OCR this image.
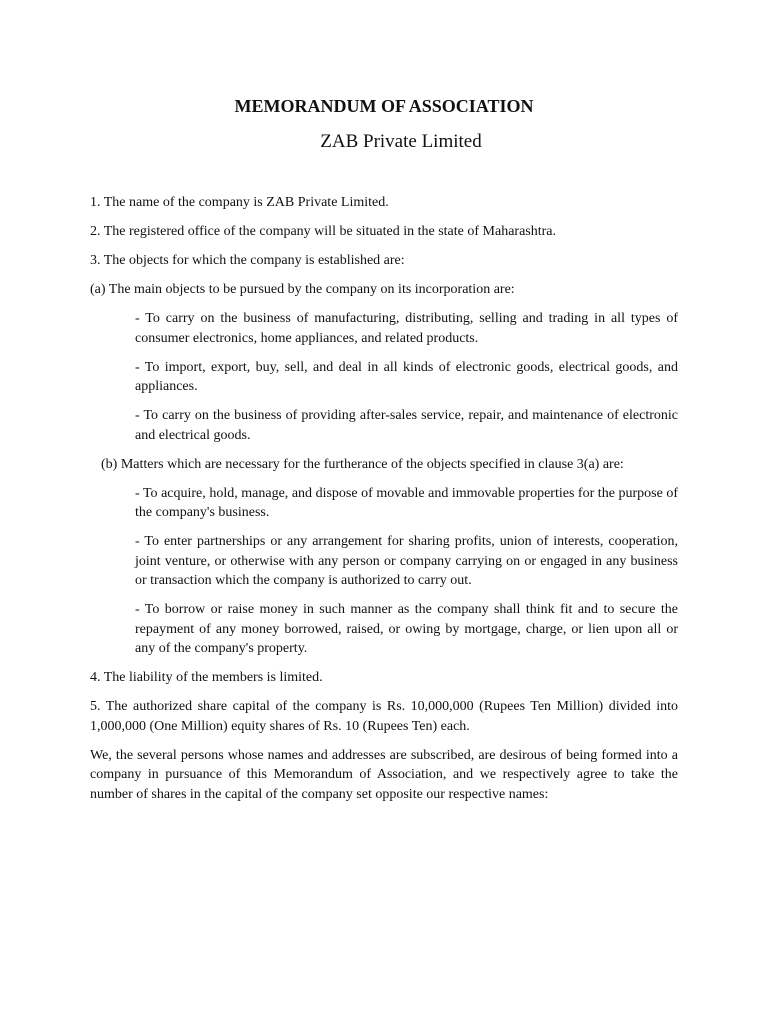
MEMORANDUM OF ASSOCIATION
ZAB Private Limited

1. The name of the company is ZAB Private Limited.

2. The registered office of the company will be situated in the state of Maharashtra.

3. The objects for which the company is established are:

(a) The main objects to be pursued by the company on its incorporation are:

- To carry on the business of manufacturing, distributing, selling and trading in all types of consumer electronics, home appliances, and related products.

- To import, export, buy, sell, and deal in all kinds of electronic goods, electrical goods, and appliances.

- To carry on the business of providing after-sales service, repair, and maintenance of electronic and electrical goods.

(b) Matters which are necessary for the furtherance of the objects specified in clause 3(a) are:

- To acquire, hold, manage, and dispose of movable and immovable properties for the purpose of the company's business.

- To enter partnerships or any arrangement for sharing profits, union of interests, cooperation, joint venture, or otherwise with any person or company carrying on or engaged in any business or transaction which the company is authorized to carry out.

- To borrow or raise money in such manner as the company shall think fit and to secure the repayment of any money borrowed, raised, or owing by mortgage, charge, or lien upon all or any of the company's property.

4. The liability of the members is limited.

5. The authorized share capital of the company is Rs. 10,000,000 (Rupees Ten Million) divided into 1,000,000 (One Million) equity shares of Rs. 10 (Rupees Ten) each.

We, the several persons whose names and addresses are subscribed, are desirous of being formed into a company in pursuance of this Memorandum of Association, and we respectively agree to take the number of shares in the capital of the company set opposite our respective names:
